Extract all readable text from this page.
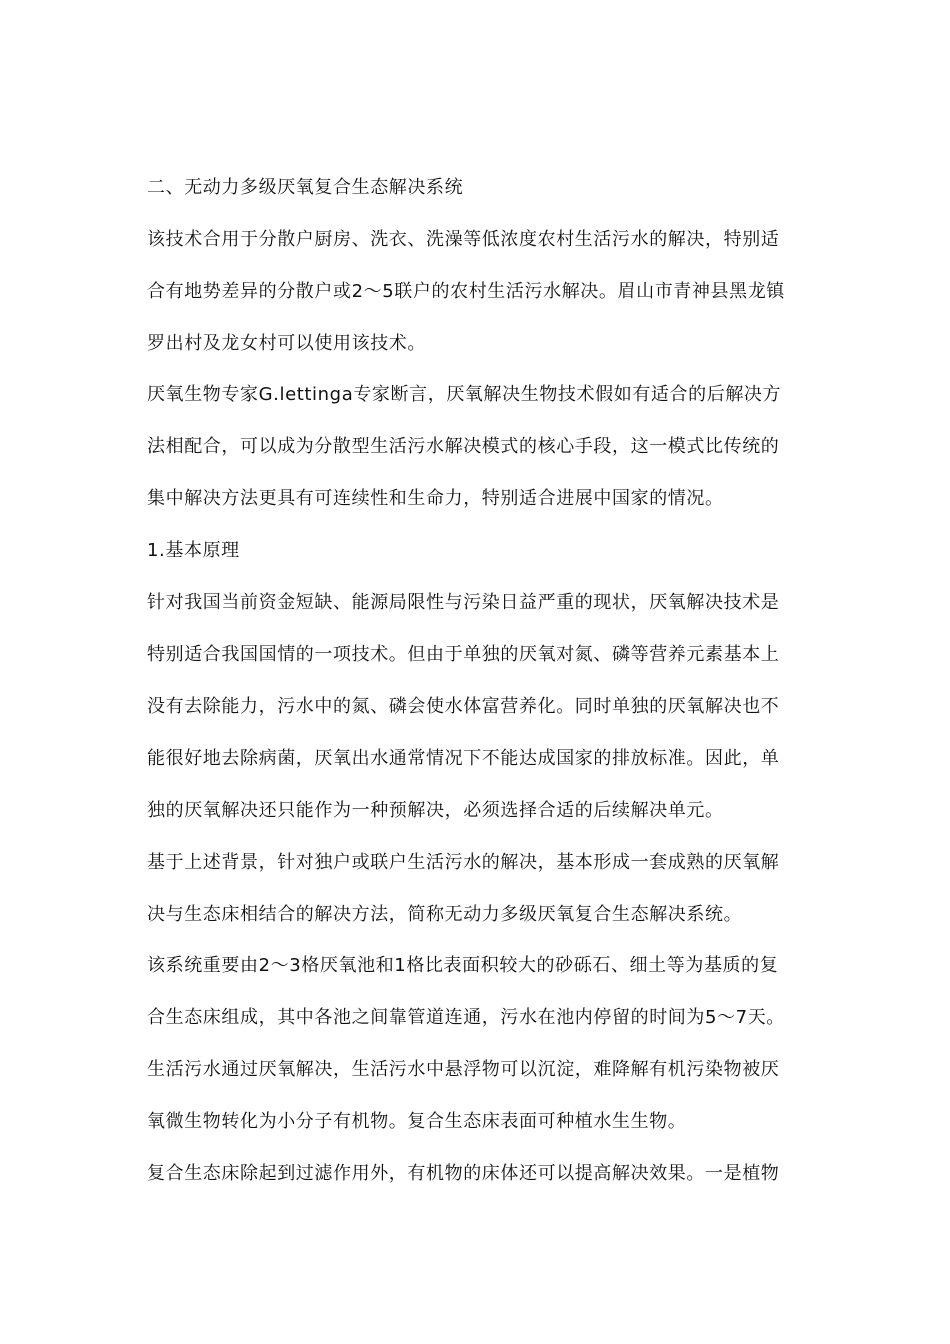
二、无动力多级厌氧复合生态解决系统
该技术合用于分散户厨房、洗衣、洗澡等低浓度农村生活污水的解决，特别适
合有地势差异的分散户或2～5联户的农村生活污水解决。眉山市青神县黑龙镇
罗出村及龙女村可以使用该技术。
厌氧生物专家G.lettinga专家断言，厌氧解决生物技术假如有适合的后解决方
法相配合，可以成为分散型生活污水解决模式的核心手段，这一模式比传统的
集中解决方法更具有可连续性和生命力，特别适合进展中国家的情况。
1.基本原理
针对我国当前资金短缺、能源局限性与污染日益严重的现状，厌氧解决技术是
特别适合我国国情的一项技术。但由于单独的厌氧对氮、磷等营养元素基本上
没有去除能力，污水中的氮、磷会使水体富营养化。同时单独的厌氧解决也不
能很好地去除病菌，厌氧出水通常情况下不能达成国家的排放标准。因此，单
独的厌氧解决还只能作为一种预解决，必须选择合适的后续解决单元。
基于上述背景，针对独户或联户生活污水的解决，基本形成一套成熟的厌氧解
决与生态床相结合的解决方法，简称无动力多级厌氧复合生态解决系统。
该系统重要由2～3格厌氧池和1格比表面积较大的砂砾石、细土等为基质的复
合生态床组成，其中各池之间靠管道连通，污水在池内停留的时间为5～7天。
生活污水通过厌氧解决，生活污水中悬浮物可以沉淀，难降解有机污染物被厌
氧微生物转化为小分子有机物。复合生态床表面可种植水生生物。
复合生态床除起到过滤作用外，有机物的床体还可以提高解决效果。一是植物
